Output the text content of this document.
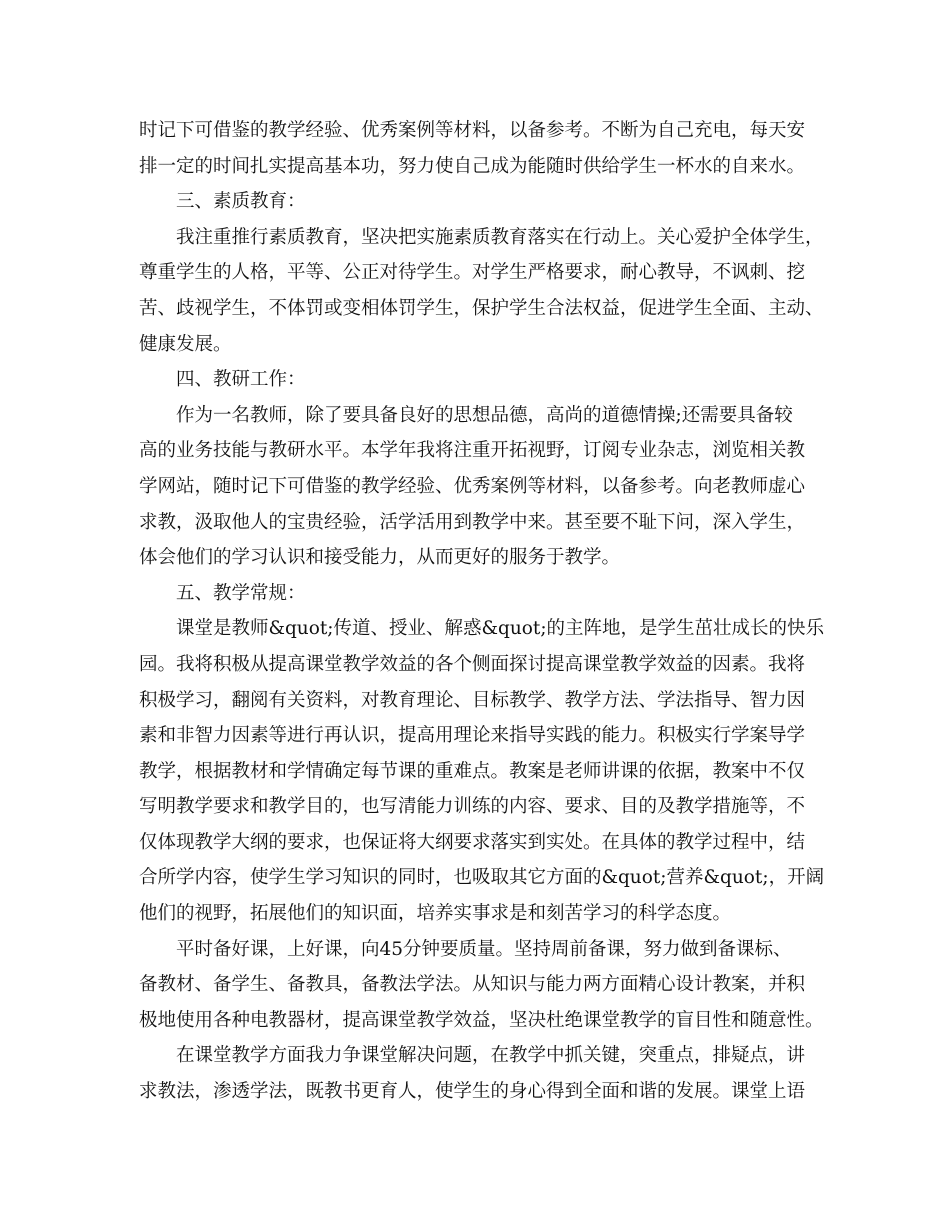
时记下可借鉴的教学经验、优秀案例等材料，以备参考。不断为自己充电，每天安
排一定的时间扎实提高基本功，努力使自己成为能随时供给学生一杯水的自来水。
三、素质教育：
我注重推行素质教育，坚决把实施素质教育落实在行动上。关心爱护全体学生，
尊重学生的人格，平等、公正对待学生。对学生严格要求，耐心教导，不讽刺、挖
苦、歧视学生，不体罚或变相体罚学生，保护学生合法权益，促进学生全面、主动、
健康发展。
四、教研工作：
作为一名教师，除了要具备良好的思想品德，高尚的道德情操;还需要具备较
高的业务技能与教研水平。本学年我将注重开拓视野，订阅专业杂志，浏览相关教
学网站，随时记下可借鉴的教学经验、优秀案例等材料，以备参考。向老教师虚心
求教，汲取他人的宝贵经验，活学活用到教学中来。甚至要不耻下问，深入学生，
体会他们的学习认识和接受能力，从而更好的服务于教学。
五、教学常规：
课堂是教师&quot;传道、授业、解惑&quot;的主阵地，是学生茁壮成长的快乐
园。我将积极从提高课堂教学效益的各个侧面探讨提高课堂教学效益的因素。我将
积极学习，翻阅有关资料，对教育理论、目标教学、教学方法、学法指导、智力因
素和非智力因素等进行再认识，提高用理论来指导实践的能力。积极实行学案导学
教学，根据教材和学情确定每节课的重难点。教案是老师讲课的依据，教案中不仅
写明教学要求和教学目的，也写清能力训练的内容、要求、目的及教学措施等，不
仅体现教学大纲的要求，也保证将大纲要求落实到实处。在具体的教学过程中，结
合所学内容，使学生学习知识的同时，也吸取其它方面的&quot;营养&quot;，开阔
他们的视野，拓展他们的知识面，培养实事求是和刻苦学习的科学态度。
平时备好课，上好课，向45分钟要质量。坚持周前备课，努力做到备课标、
备教材、备学生、备教具，备教法学法。从知识与能力两方面精心设计教案，并积
极地使用各种电教器材，提高课堂教学效益，坚决杜绝课堂教学的盲目性和随意性。
在课堂教学方面我力争课堂解决问题，在教学中抓关键，突重点，排疑点，讲
求教法，渗透学法，既教书更育人，使学生的身心得到全面和谐的发展。课堂上语
